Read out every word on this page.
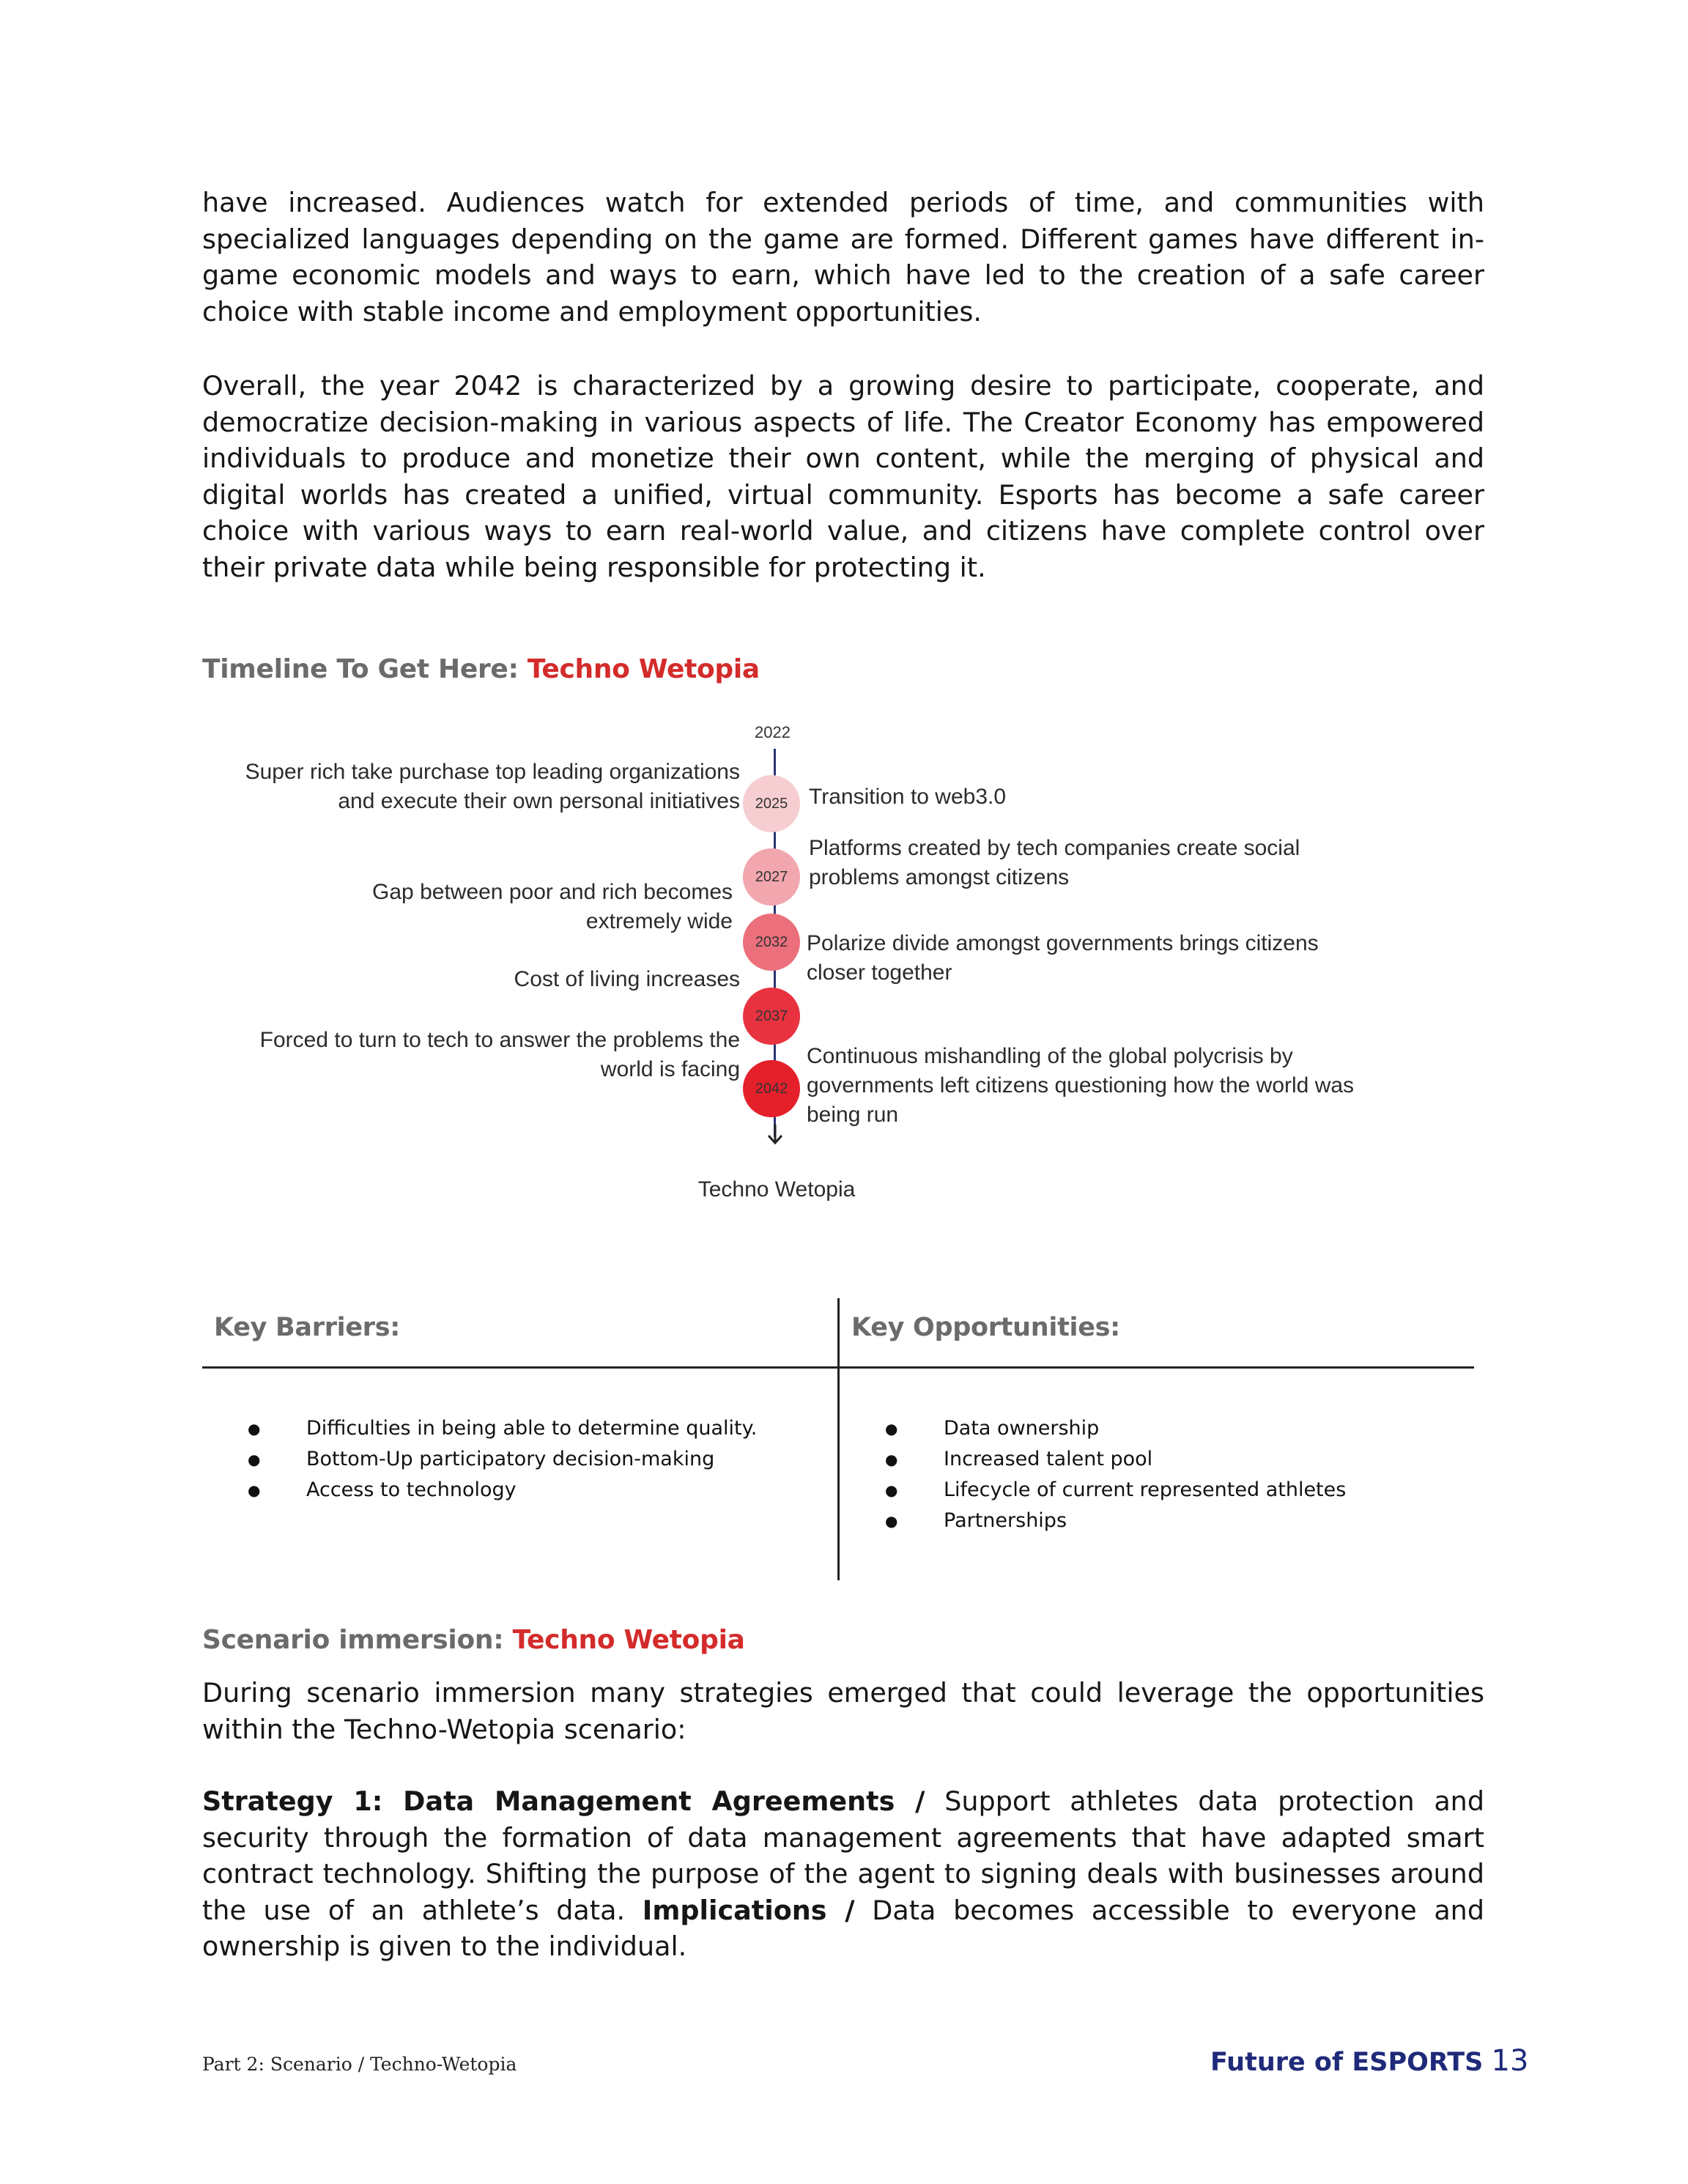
have increased. Audiences watch for extended periods of time, and communities with specialized languages depending on the game are formed. Different games have different in-game economic models and ways to earn, which have led to the creation of a safe career choice with stable income and employment opportunities.

Overall, the year 2042 is characterized by a growing desire to participate, cooperate, and democratize decision-making in various aspects of life. The Creator Economy has empowered individuals to produce and monetize their own content, while the merging of physical and digital worlds has created a unified, virtual community. Esports has become a safe career choice with various ways to earn real-world value, and citizens have complete control over their private data while being responsible for protecting it.

Timeline To Get Here: Techno Wetopia
2022
2025
2027
2032
2037
2042
Super rich take purchase top leading organizations and execute their own personal initiatives
Gap between poor and rich becomes extremely wide
Cost of living increases
Forced to turn to tech to answer the problems the world is facing
Transition to web3.0
Platforms created by tech companies create social problems amongst citizens
Polarize divide amongst governments brings citizens closer together
Continuous mishandling of the global polycrisis by governments left citizens questioning how the world was being run
Techno Wetopia
Key Barriers:	Key Opportunities:
● Difficulties in being able to determine quality.
● Bottom-Up participatory decision-making
● Access to technology
● Data ownership
● Increased talent pool
● Lifecycle of current represented athletes
● Partnerships
Scenario immersion: Techno Wetopia

During scenario immersion many strategies emerged that could leverage the opportunities within the Techno-Wetopia scenario:

Strategy 1: Data Management Agreements / Support athletes data protection and security through the formation of data management agreements that have adapted smart contract technology. Shifting the purpose of the agent to signing deals with businesses around the use of an athlete’s data. Implications / Data becomes accessible to everyone and ownership is given to the individual.

Part 2: Scenario / Techno-Wetopia	Future of ESPORTS 13
